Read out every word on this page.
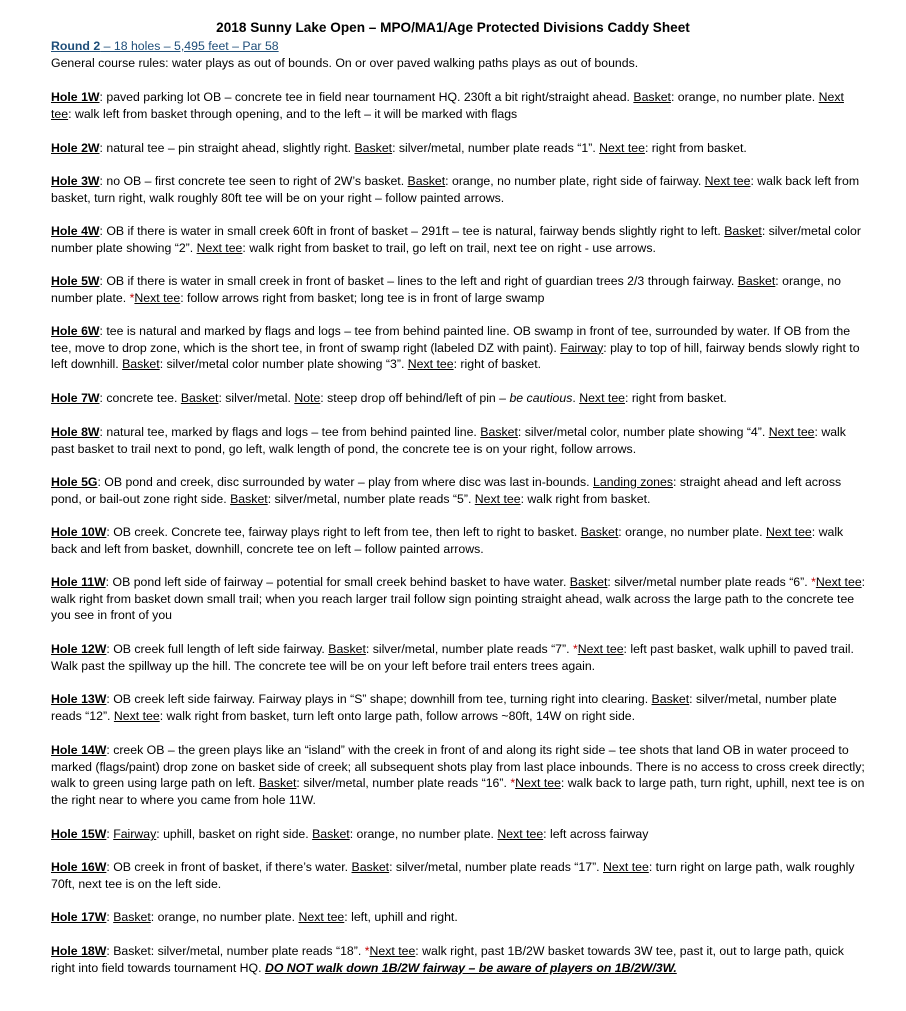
2018 Sunny Lake Open – MPO/MA1/Age Protected Divisions Caddy Sheet
Round 2 – 18 holes – 5,495 feet – Par 58
General course rules: water plays as out of bounds. On or over paved walking paths plays as out of bounds.
Hole 1W: paved parking lot OB – concrete tee in field near tournament HQ. 230ft a bit right/straight ahead. Basket: orange, no number plate. Next tee: walk left from basket through opening, and to the left – it will be marked with flags
Hole 2W: natural tee – pin straight ahead, slightly right. Basket: silver/metal, number plate reads “1”. Next tee: right from basket.
Hole 3W: no OB – first concrete tee seen to right of 2W’s basket. Basket: orange, no number plate, right side of fairway. Next tee: walk back left from basket, turn right, walk roughly 80ft tee will be on your right – follow painted arrows.
Hole 4W: OB if there is water in small creek 60ft in front of basket – 291ft – tee is natural, fairway bends slightly right to left. Basket: silver/metal color number plate showing “2”. Next tee: walk right from basket to trail, go left on trail, next tee on right - use arrows.
Hole 5W: OB if there is water in small creek in front of basket – lines to the left and right of guardian trees 2/3 through fairway. Basket: orange, no number plate. *Next tee: follow arrows right from basket; long tee is in front of large swamp
Hole 6W: tee is natural and marked by flags and logs – tee from behind painted line. OB swamp in front of tee, surrounded by water. If OB from the tee, move to drop zone, which is the short tee, in front of swamp right (labeled DZ with paint). Fairway: play to top of hill, fairway bends slowly right to left downhill. Basket: silver/metal color number plate showing “3”. Next tee: right of basket.
Hole 7W: concrete tee. Basket: silver/metal. Note: steep drop off behind/left of pin – be cautious. Next tee: right from basket.
Hole 8W: natural tee, marked by flags and logs – tee from behind painted line. Basket: silver/metal color, number plate showing “4”. Next tee: walk past basket to trail next to pond, go left, walk length of pond, the concrete tee is on your right, follow arrows.
Hole 5G: OB pond and creek, disc surrounded by water – play from where disc was last in-bounds. Landing zones: straight ahead and left across pond, or bail-out zone right side. Basket: silver/metal, number plate reads “5”. Next tee: walk right from basket.
Hole 10W: OB creek. Concrete tee, fairway plays right to left from tee, then left to right to basket. Basket: orange, no number plate. Next tee: walk back and left from basket, downhill, concrete tee on left – follow painted arrows.
Hole 11W: OB pond left side of fairway – potential for small creek behind basket to have water. Basket: silver/metal number plate reads “6”. *Next tee: walk right from basket down small trail; when you reach larger trail follow sign pointing straight ahead, walk across the large path to the concrete tee you see in front of you
Hole 12W: OB creek full length of left side fairway. Basket: silver/metal, number plate reads “7”. *Next tee: left past basket, walk uphill to paved trail. Walk past the spillway up the hill. The concrete tee will be on your left before trail enters trees again.
Hole 13W: OB creek left side fairway. Fairway plays in “S” shape; downhill from tee, turning right into clearing. Basket: silver/metal, number plate reads “12”. Next tee: walk right from basket, turn left onto large path, follow arrows ~80ft, 14W on right side.
Hole 14W: creek OB – the green plays like an “island” with the creek in front of and along its right side – tee shots that land OB in water proceed to marked (flags/paint) drop zone on basket side of creek; all subsequent shots play from last place inbounds. There is no access to cross creek directly; walk to green using large path on left. Basket: silver/metal, number plate reads “16”. *Next tee: walk back to large path, turn right, uphill, next tee is on the right near to where you came from hole 11W.
Hole 15W: Fairway: uphill, basket on right side. Basket: orange, no number plate. Next tee: left across fairway
Hole 16W: OB creek in front of basket, if there’s water. Basket: silver/metal, number plate reads “17”. Next tee: turn right on large path, walk roughly 70ft, next tee is on the left side.
Hole 17W: Basket: orange, no number plate. Next tee: left, uphill and right.
Hole 18W: Basket: silver/metal, number plate reads “18”. *Next tee: walk right, past 1B/2W basket towards 3W tee, past it, out to large path, quick right into field towards tournament HQ. DO NOT walk down 1B/2W fairway – be aware of players on 1B/2W/3W.
